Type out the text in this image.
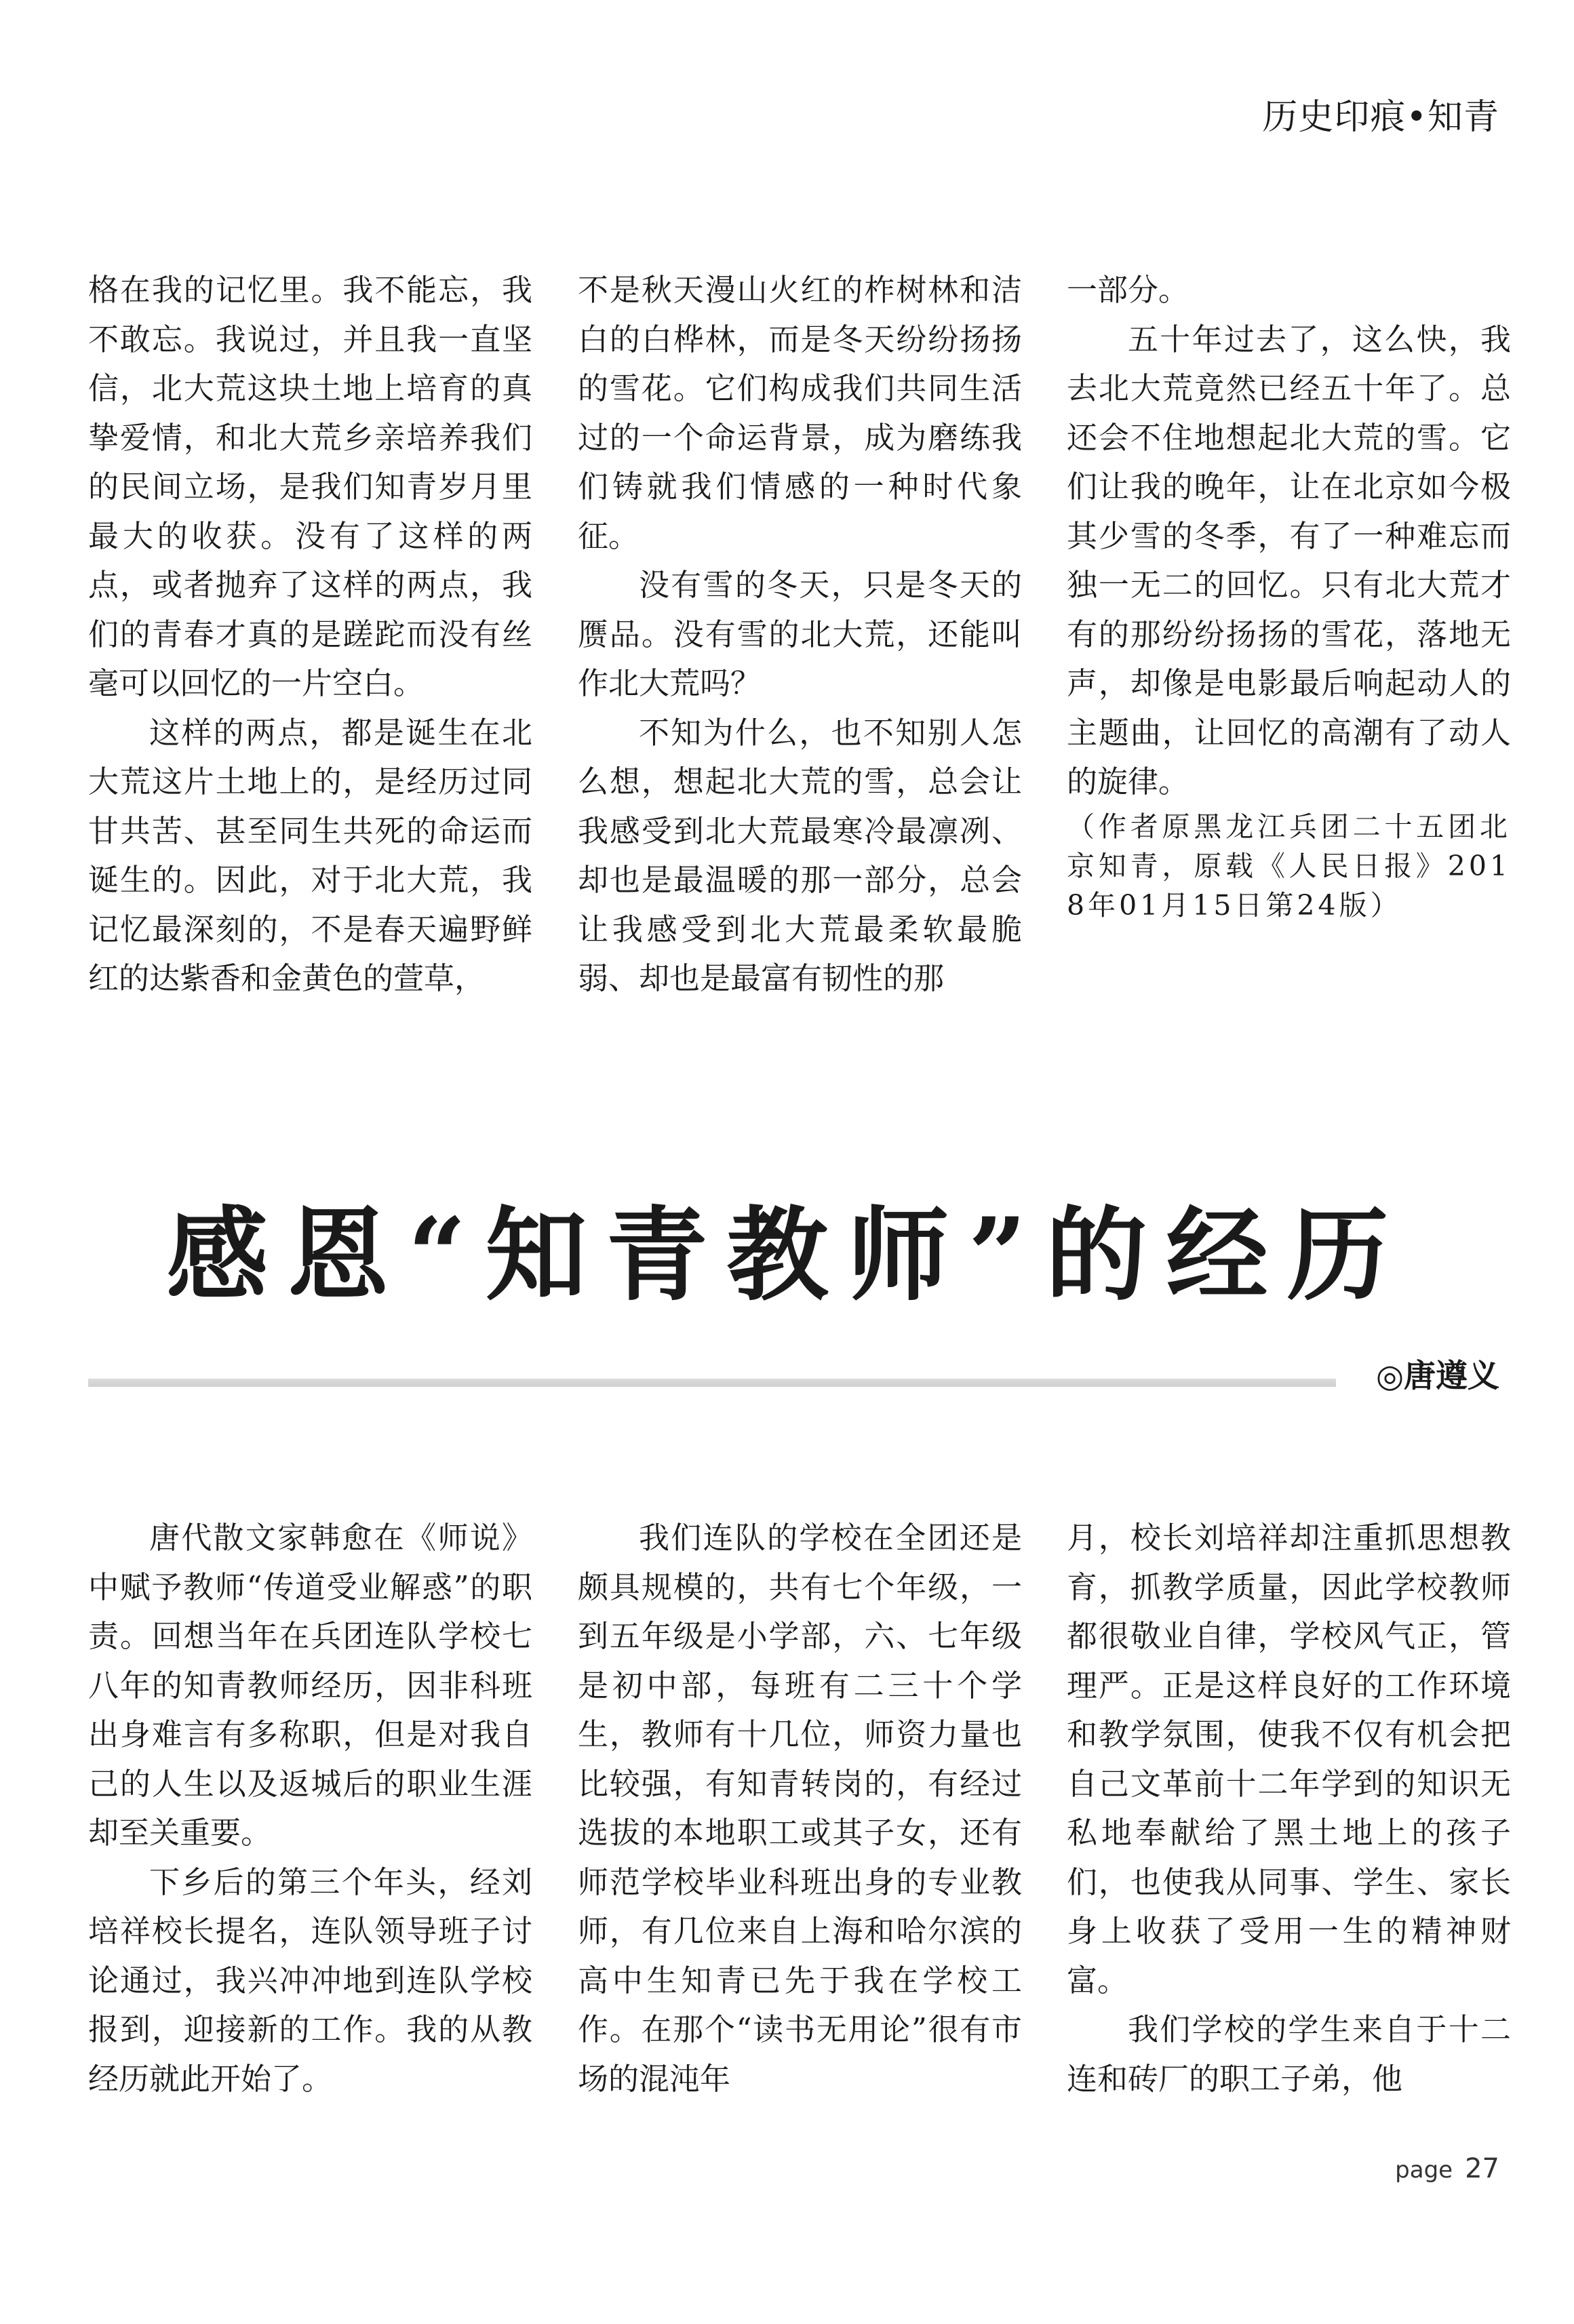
历史印痕•知青

格在我的记忆里。我不能忘，我不敢忘。我说过，并且我一直坚信，北大荒这块土地上培育的真挚爱情，和北大荒乡亲培养我们的民间立场，是我们知青岁月里最大的收获。没有了这样的两点，或者抛弃了这样的两点，我们的青春才真的是蹉跎而没有丝毫可以回忆的一片空白。

这样的两点，都是诞生在北大荒这片土地上的，是经历过同甘共苦、甚至同生共死的命运而诞生的。因此，对于北大荒，我记忆最深刻的，不是春天遍野鲜红的达紫香和金黄色的萱草，

不是秋天漫山火红的柞树林和洁白的白桦林，而是冬天纷纷扬扬的雪花。它们构成我们共同生活过的一个命运背景，成为磨练我们铸就我们情感的一种时代象征。

没有雪的冬天，只是冬天的赝品。没有雪的北大荒，还能叫作北大荒吗？

不知为什么，也不知别人怎么想，想起北大荒的雪，总会让我感受到北大荒最寒冷最凛冽、却也是最温暖的那一部分，总会让我感受到北大荒最柔软最脆弱、却也是最富有韧性的那

一部分。

五十年过去了，这么快，我去北大荒竟然已经五十年了。总还会不住地想起北大荒的雪。它们让我的晚年，让在北京如今极其少雪的冬季，有了一种难忘而独一无二的回忆。只有北大荒才有的那纷纷扬扬的雪花，落地无声，却像是电影最后响起动人的主题曲，让回忆的高潮有了动人的旋律。

（作者原黑龙江兵团二十五团北京知青，原载《人民日报》2018年01月15日第24版）

感恩“知青教师”的经历
◎唐遵义

唐代散文家韩愈在《师说》中赋予教师“传道受业解惑”的职责。回想当年在兵团连队学校七八年的知青教师经历，因非科班出身难言有多称职，但是对我自己的人生以及返城后的职业生涯却至关重要。

下乡后的第三个年头，经刘培祥校长提名，连队领导班子讨论通过，我兴冲冲地到连队学校报到，迎接新的工作。我的从教经历就此开始了。

我们连队的学校在全团还是颇具规模的，共有七个年级，一到五年级是小学部，六、七年级是初中部，每班有二三十个学生，教师有十几位，师资力量也比较强，有知青转岗的，有经过选拔的本地职工或其子女，还有师范学校毕业科班出身的专业教师，有几位来自上海和哈尔滨的高中生知青已先于我在学校工作。在那个“读书无用论”很有市场的混沌年

月，校长刘培祥却注重抓思想教育，抓教学质量，因此学校教师都很敬业自律，学校风气正，管理严。正是这样良好的工作环境和教学氛围，使我不仅有机会把自己文革前十二年学到的知识无私地奉献给了黑土地上的孩子们，也使我从同事、学生、家长身上收获了受用一生的精神财富。

我们学校的学生来自于十二连和砖厂的职工子弟，他

page 27
